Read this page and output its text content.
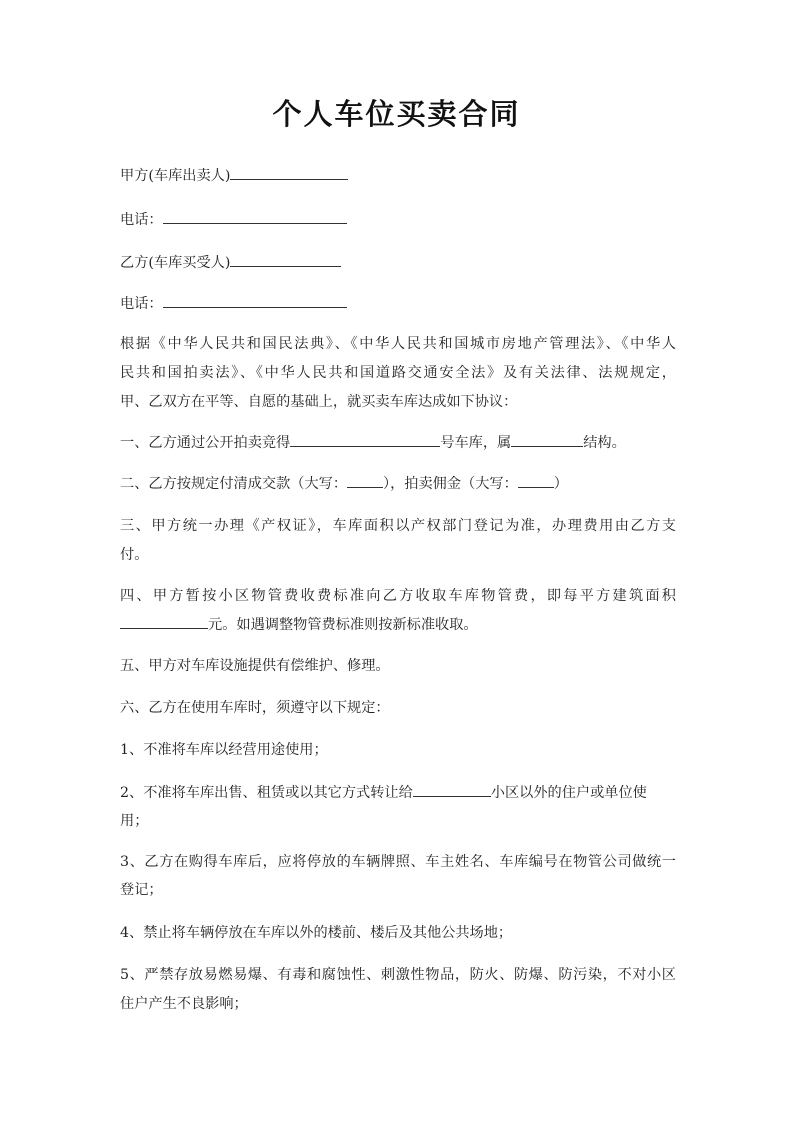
个人车位买卖合同
甲方(车库出卖人)
电话：
乙方(车库买受人)
电话：
根据《中华人民共和国民法典》、《中华人民共和国城市房地产管理法》、《中华人
民共和国拍卖法》、《中华人民共和国道路交通安全法》及有关法律、法规规定，
甲、乙双方在平等、自愿的基础上，就买卖车库达成如下协议：
一、乙方通过公开拍卖竞得	号车库，属	结构。
二、乙方按规定付清成交款（大写：	），拍卖佣金（大写：	）
三、甲方统一办理《产权证》，车库面积以产权部门登记为准，办理费用由乙方支
付。
四、甲方暂按小区物管费收费标准向乙方收取车库物管费，即每平方建筑面积
元。如遇调整物管费标准则按新标准收取。
五、甲方对车库设施提供有偿维护、修理。
六、乙方在使用车库时，须遵守以下规定：
1、不准将车库以经营用途使用；
2、不准将车库出售、租赁或以其它方式转让给	小区以外的住户或单位使
用；
3、乙方在购得车库后，应将停放的车辆牌照、车主姓名、车库编号在物管公司做统一
登记；
4、禁止将车辆停放在车库以外的楼前、楼后及其他公共场地；
5、严禁存放易燃易爆、有毒和腐蚀性、刺激性物品，防火、防爆、防污染，不对小区
住户产生不良影响；
